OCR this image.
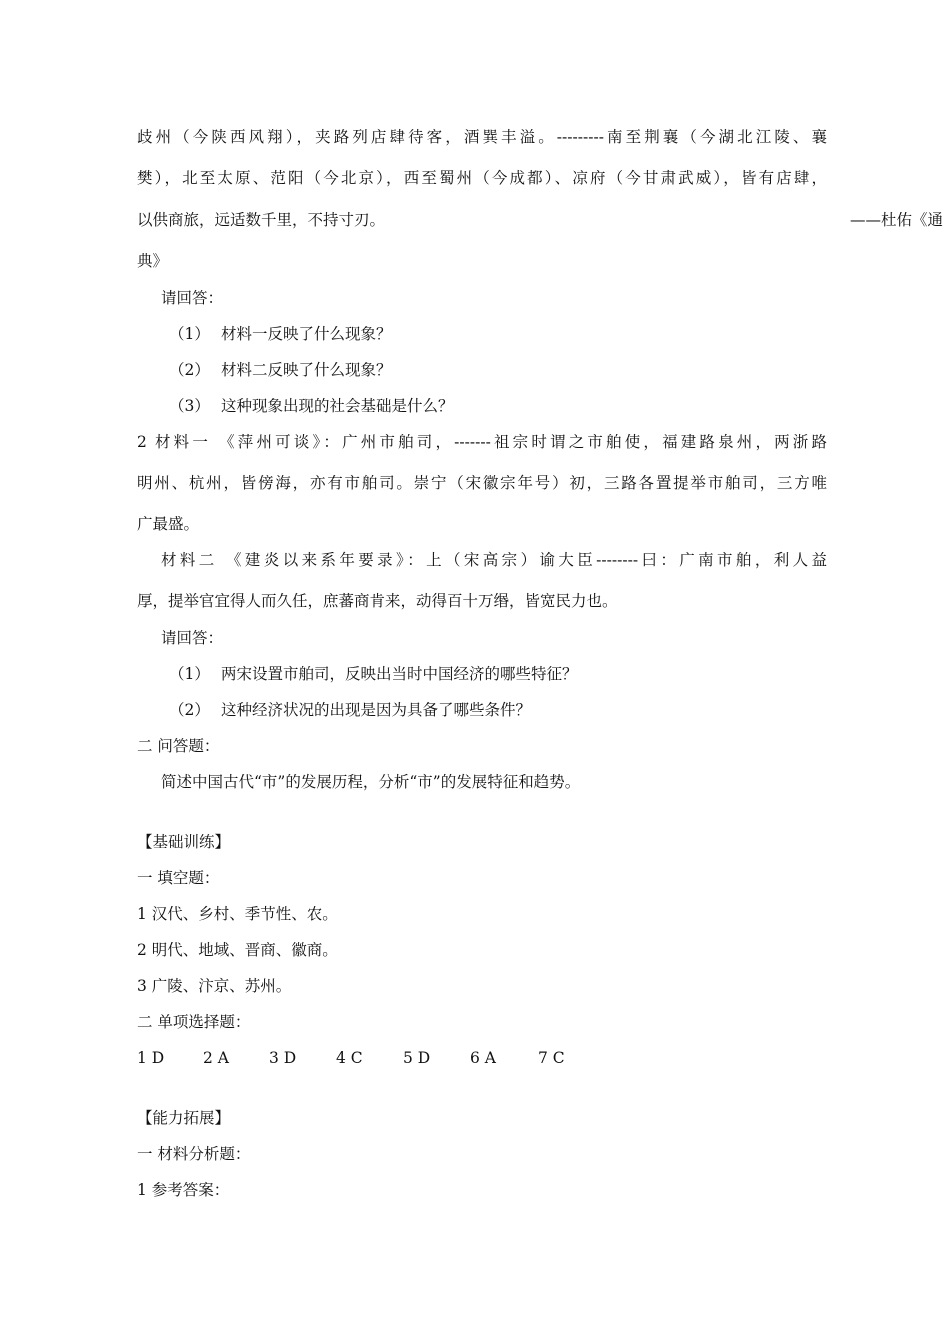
歧州（今陕西风翔），夹路列店肆待客，酒巽丰溢。---------南至荆襄（今湖北江陵、襄
樊），北至太原、范阳（今北京），西至蜀州（今成都）、凉府（今甘肃武威），皆有店肆，
以供商旅，远适数千里，不持寸刃。	——杜佑《通
典》
请回答：
（1） 材料一反映了什么现象？
（2） 材料二反映了什么现象？
（3） 这种现象出现的社会基础是什么？
2 材料一 《萍州可谈》：广州市舶司，-------祖宗时谓之市舶使，福建路泉州，两浙路
明州、杭州，皆傍海，亦有市舶司。崇宁（宋徽宗年号）初，三路各置提举市舶司，三方唯
广最盛。
材料二 《建炎以来系年要录》：上（宋高宗）谕大臣--------曰：广南市舶，利人益
厚，提举官宜得人而久任，庶蕃商肯来，动得百十万缗，皆宽民力也。
请回答：
（1） 两宋设置市舶司，反映出当时中国经济的哪些特征？
（2） 这种经济状况的出现是因为具备了哪些条件？
二 问答题：
简述中国古代“市”的发展历程，分析“市”的发展特征和趋势。
【基础训练】
一 填空题：
1 汉代、乡村、季节性、农。
2 明代、地域、晋商、徽商。
3 广陵、汴京、苏州。
二 单项选择题：
1 D	2 A	3 D	4 C	5 D	6 A	7 C
【能力拓展】
一 材料分析题：
1 参考答案：
